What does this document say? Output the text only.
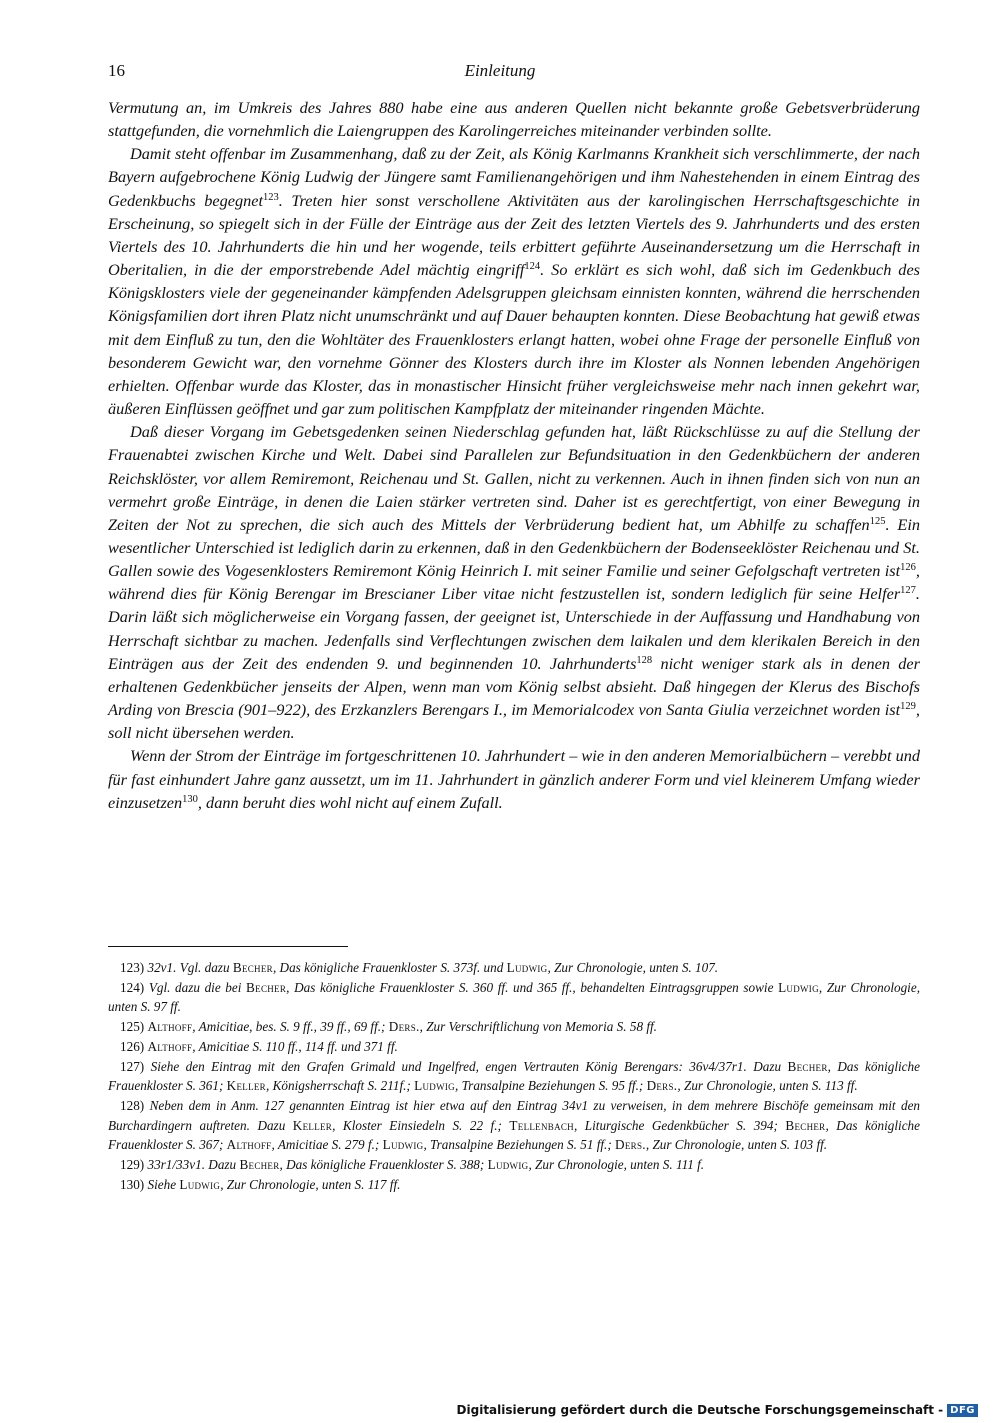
16	Einleitung

Vermutung an, im Umkreis des Jahres 880 habe eine aus anderen Quellen nicht bekannte große Gebetsverbrüderung stattgefunden, die vornehmlich die Laiengruppen des Karolingerreiches miteinander verbinden sollte.

Damit steht offenbar im Zusammenhang, daß zu der Zeit, als König Karlmanns Krankheit sich verschlimmerte, der nach Bayern aufgebrochene König Ludwig der Jüngere samt Familienangehörigen und ihm Nahestehenden in einem Eintrag des Gedenkbuchs begegnet$^{123}$. Treten hier sonst verschollene Aktivitäten aus der karolingischen Herrschaftsgeschichte in Erscheinung, so spiegelt sich in der Fülle der Einträge aus der Zeit des letzten Viertels des 9. Jahrhunderts und des ersten Viertels des 10. Jahrhunderts die hin und her wogende, teils erbittert geführte Auseinandersetzung um die Herrschaft in Oberitalien, in die der emporstrebende Adel mächtig eingriff$^{124}$. So erklärt es sich wohl, daß sich im Gedenkbuch des Königsklosters viele der gegeneinander kämpfenden Adelsgruppen gleichsam einnisten konnten, während die herrschenden Königsfamilien dort ihren Platz nicht unumschränkt und auf Dauer behaupten konnten. Diese Beobachtung hat gewiß etwas mit dem Einfluß zu tun, den die Wohltäter des Frauenklosters erlangt hatten, wobei ohne Frage der personelle Einfluß von besonderem Gewicht war, den vornehme Gönner des Klosters durch ihre im Kloster als Nonnen lebenden Angehörigen erhielten. Offenbar wurde das Kloster, das in monastischer Hinsicht früher vergleichsweise mehr nach innen gekehrt war, äußeren Einflüssen geöffnet und gar zum politischen Kampfplatz der miteinander ringenden Mächte.

Daß dieser Vorgang im Gebetsgedenken seinen Niederschlag gefunden hat, läßt Rückschlüsse zu auf die Stellung der Frauenabtei zwischen Kirche und Welt. Dabei sind Parallelen zur Befundsituation in den Gedenkbüchern der anderen Reichsklöster, vor allem Remiremont, Reichenau und St. Gallen, nicht zu verkennen. Auch in ihnen finden sich von nun an vermehrt große Einträge, in denen die Laien stärker vertreten sind. Daher ist es gerechtfertigt, von einer Bewegung in Zeiten der Not zu sprechen, die sich auch des Mittels der Verbrüderung bedient hat, um Abhilfe zu schaffen$^{125}$. Ein wesentlicher Unterschied ist lediglich darin zu erkennen, daß in den Gedenkbüchern der Bodenseeklöster Reichenau und St. Gallen sowie des Vogesenklosters Remiremont König Heinrich I. mit seiner Familie und seiner Gefolgschaft vertreten ist$^{126}$, während dies für König Berengar im Brescianer Liber vitae nicht festzustellen ist, sondern lediglich für seine Helfer$^{127}$. Darin läßt sich möglicherweise ein Vorgang fassen, der geeignet ist, Unterschiede in der Auffassung und Handhabung von Herrschaft sichtbar zu machen. Jedenfalls sind Verflechtungen zwischen dem laikalen und dem klerikalen Bereich in den Einträgen aus der Zeit des endenden 9. und beginnenden 10. Jahrhunderts$^{128}$ nicht weniger stark als in denen der erhaltenen Gedenkbücher jenseits der Alpen, wenn man vom König selbst absieht. Daß hingegen der Klerus des Bischofs Arding von Brescia (901–922), des Erzkanzlers Berengars I., im Memorialcodex von Santa Giulia verzeichnet worden ist$^{129}$, soll nicht übersehen werden.

Wenn der Strom der Einträge im fortgeschrittenen 10. Jahrhundert – wie in den anderen Memorialbüchern – verebbt und für fast einhundert Jahre ganz aussetzt, um im 11. Jahrhundert in gänzlich anderer Form und viel kleinerem Umfang wieder einzusetzen$^{130}$, dann beruht dies wohl nicht auf einem Zufall.

123) 32v1. Vgl. dazu Becher, Das königliche Frauenkloster S. 373f. und Ludwig, Zur Chronologie, unten S. 107.
124) Vgl. dazu die bei Becher, Das königliche Frauenkloster S. 360 ff. und 365 ff., behandelten Eintragsgruppen sowie Ludwig, Zur Chronologie, unten S. 97 ff.
125) Althoff, Amicitiae, bes. S. 9 ff., 39 ff., 69 ff.; Ders., Zur Verschriftlichung von Memoria S. 58 ff.
126) Althoff, Amicitiae S. 110 ff., 114 ff. und 371 ff.
127) Siehe den Eintrag mit den Grafen Grimald und Ingelfred, engen Vertrauten König Berengars: 36v4/37r1. Dazu Becher, Das königliche Frauenkloster S. 361; Keller, Königsherrschaft S. 211f.; Ludwig, Transalpine Beziehungen S. 95 ff.; Ders., Zur Chronologie, unten S. 113 ff.
128) Neben dem in Anm. 127 genannten Eintrag ist hier etwa auf den Eintrag 34v1 zu verweisen, in dem mehrere Bischöfe gemeinsam mit den Burchardingern auftreten. Dazu Keller, Kloster Einsiedeln S. 22 f.; Tellenbach, Liturgische Gedenkbücher S. 394; Becher, Das königliche Frauenkloster S. 367; Althoff, Amicitiae S. 279 f.; Ludwig, Transalpine Beziehungen S. 51 ff.; Ders., Zur Chronologie, unten S. 103 ff.
129) 33r1/33v1. Dazu Becher, Das königliche Frauenkloster S. 388; Ludwig, Zur Chronologie, unten S. 111 f.
130) Siehe Ludwig, Zur Chronologie, unten S. 117 ff.
Digitalisierung gefördert durch die Deutsche Forschungsgemeinschaft - DFG
